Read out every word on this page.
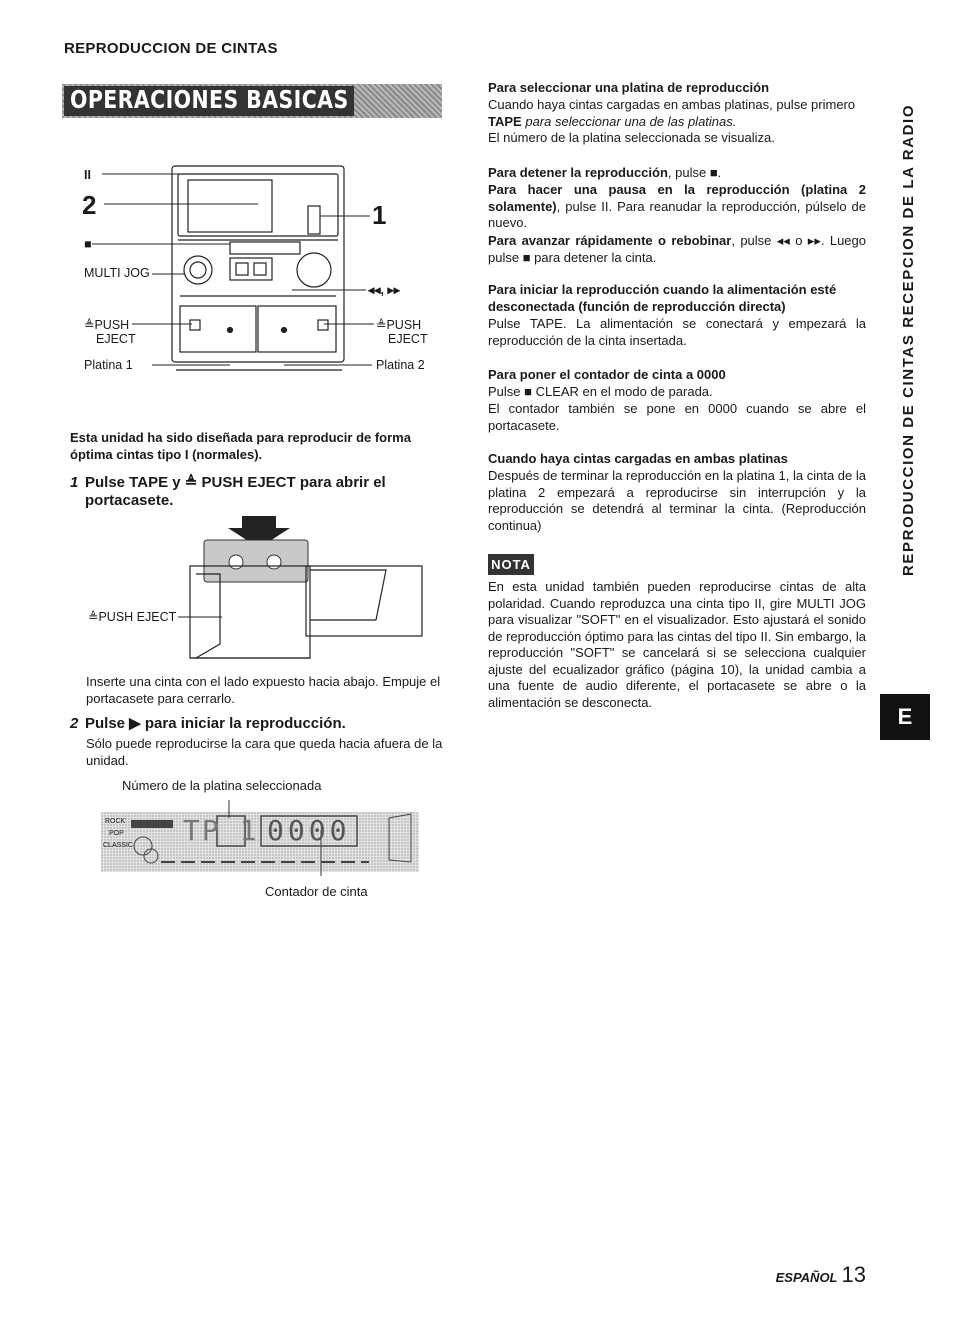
REPRODUCCION DE CINTAS
OPERACIONES BASICAS
II
2
■
MULTI JOG
≜PUSH
EJECT
Platina 1
1
◂◂, ▸▸
≜PUSH
EJECT
Platina 2
Esta unidad ha sido diseñada para reproducir de forma óptima cintas tipo I (normales).
1 Pulse TAPE y ≜ PUSH EJECT para abrir el portacasete.
≜PUSH EJECT
Inserte una cinta con el lado expuesto hacia abajo. Empuje el portacasete para cerrarlo.
2 Pulse ▶ para iniciar la reproducción.
Sólo puede reproducirse la cara que queda hacia afuera de la unidad.
Número de la platina seleccionada
ROCK
POP
CLASSIC TP 1 0000
Contador de cinta
Para seleccionar una platina de reproducción
Cuando haya cintas cargadas en ambas platinas, pulse primero
TAPE para seleccionar una de las platinas.
El número de la platina seleccionada se visualiza.
Para detener la reproducción, pulse ■.
Para hacer una pausa en la reproducción (platina 2 solamente), pulse II. Para reanudar la reproducción, púlselo de nuevo.
Para avanzar rápidamente o rebobinar, pulse ◂◂ o ▸▸. Luego pulse ■ para detener la cinta.
Para iniciar la reproducción cuando la alimentación esté desconectada (función de reproducción directa)
Pulse TAPE. La alimentación se conectará y empezará la reproducción de la cinta insertada.
Para poner el contador de cinta a 0000
Pulse ■ CLEAR en el modo de parada.
El contador también se pone en 0000 cuando se abre el portacasete.
Cuando haya cintas cargadas en ambas platinas
Después de terminar la reproducción en la platina 1, la cinta de la platina 2 empezará a reproducirse sin interrupción y la reproducción se detendrá al terminar la cinta. (Reproducción continua)
NOTA
En esta unidad también pueden reproducirse cintas de alta polaridad. Cuando reproduzca una cinta tipo II, gire MULTI JOG para visualizar "SOFT" en el visualizador. Esto ajustará el sonido de reproducción óptimo para las cintas del tipo II. Sin embargo, la reproducción "SOFT" se cancelará si se selecciona cualquier ajuste del ecualizador gráfico (página 10), la unidad cambia a una fuente de audio diferente, el portacasete se abre o la alimentación se desconecta.
REPRODUCCION DE CINTAS RECEPCION DE LA RADIO
E
ESPAÑOL 13
